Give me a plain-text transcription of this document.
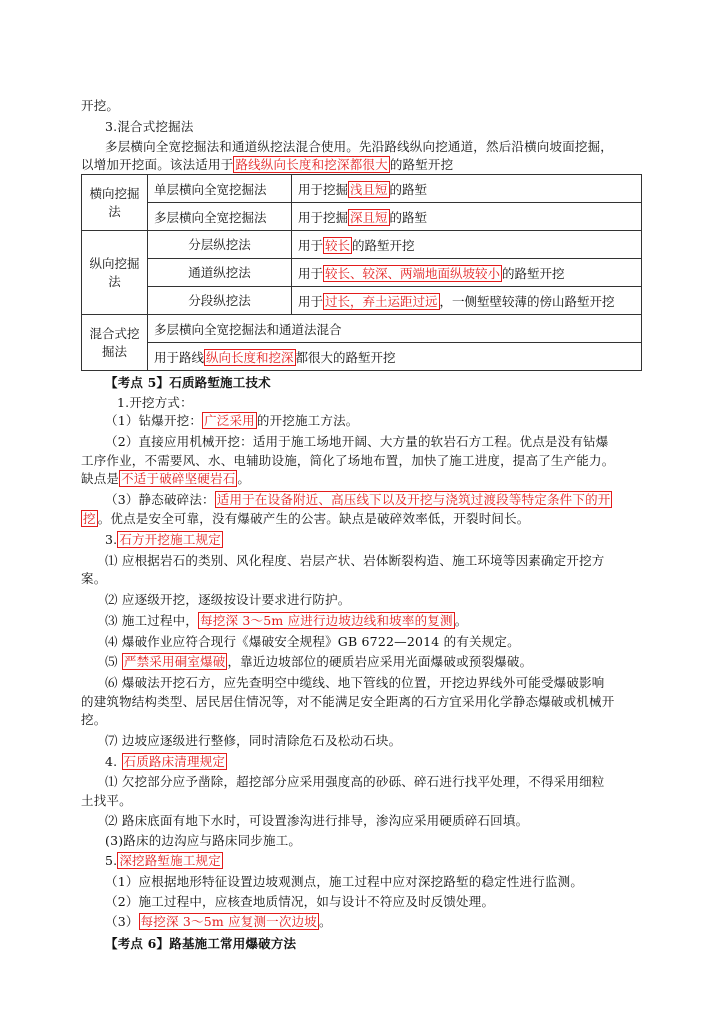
开挖。
3.混合式挖掘法
多层横向全宽挖掘法和通道纵挖法混合使用。先沿路线纵向挖通道，然后沿横向坡面挖掘，
以增加开挖面。该法适用于 路线纵向长度和挖深都很大 的路堑开挖
横向挖掘法	单层横向全宽挖掘法	用于挖掘 浅且短 的路堑
	多层横向全宽挖掘法	用于挖掘 深且短 的路堑
纵向挖掘法	分层纵挖法	用于 较长 的路堑开挖
	通道纵挖法	用于 较长、较深、两端地面纵坡较小 的路堑开挖
	分段纵挖法	用于 过长，弃土运距过远 ，一侧堑壁较薄的傍山路堑开挖
混合式挖掘法	多层横向全宽挖掘法和通道法混合	
	用于路线 纵向长度和挖深 都很大的路堑开挖	
【考点 5】石质路堑施工技术
1.开挖方式：
（1）钻爆开挖： 广泛采用 的开挖施工方法。
（2）直接应用机械开挖：适用于施工场地开阔、大方量的软岩石方工程。优点是没有钻爆
工序作业，不需要风、水、电辅助设施，简化了场地布置，加快了施工进度，提高了生产能力。
缺点是 不适于破碎坚硬岩石 。
（3）静态破碎法： 适用于在设备附近、高压线下以及开挖与浇筑过渡段等特定条件下的开
挖 。优点是安全可靠，没有爆破产生的公害。缺点是破碎效率低，开裂时间长。
3. 石方开挖施工规定
⑴ 应根据岩石的类别、风化程度、岩层产状、岩体断裂构造、施工环境等因素确定开挖方
案。
⑵ 应逐级开挖，逐级按设计要求进行防护。
⑶ 施工过程中， 每挖深 3～5m 应进行边坡边线和坡率的复测 。
⑷ 爆破作业应符合现行《爆破安全规程》GB 6722—2014 的有关规定。
⑸ 严禁采用硐室爆破 ，靠近边坡部位的硬质岩应采用光面爆破或预裂爆破。
⑹ 爆破法开挖石方，应先查明空中缆线、地下管线的位置，开挖边界线外可能受爆破影响
的建筑物结构类型、居民居住情况等，对不能满足安全距离的石方宜采用化学静态爆破或机械开
挖。
⑺ 边坡应逐级进行整修，同时清除危石及松动石块。
4. 石质路床清理规定
⑴ 欠挖部分应予凿除，超挖部分应采用强度高的砂砾、碎石进行找平处理，不得采用细粒
土找平。
⑵ 路床底面有地下水时，可设置渗沟进行排导，渗沟应采用硬质碎石回填。
(3)路床的边沟应与路床同步施工。
5. 深挖路堑施工规定
（1）应根据地形特征设置边坡观测点，施工过程中应对深挖路堑的稳定性进行监测。
（2）施工过程中，应核查地质情况，如与设计不符应及时反馈处理。
（3） 每挖深 3～5m 应复测一次边坡 。
【考点 6】路基施工常用爆破方法
